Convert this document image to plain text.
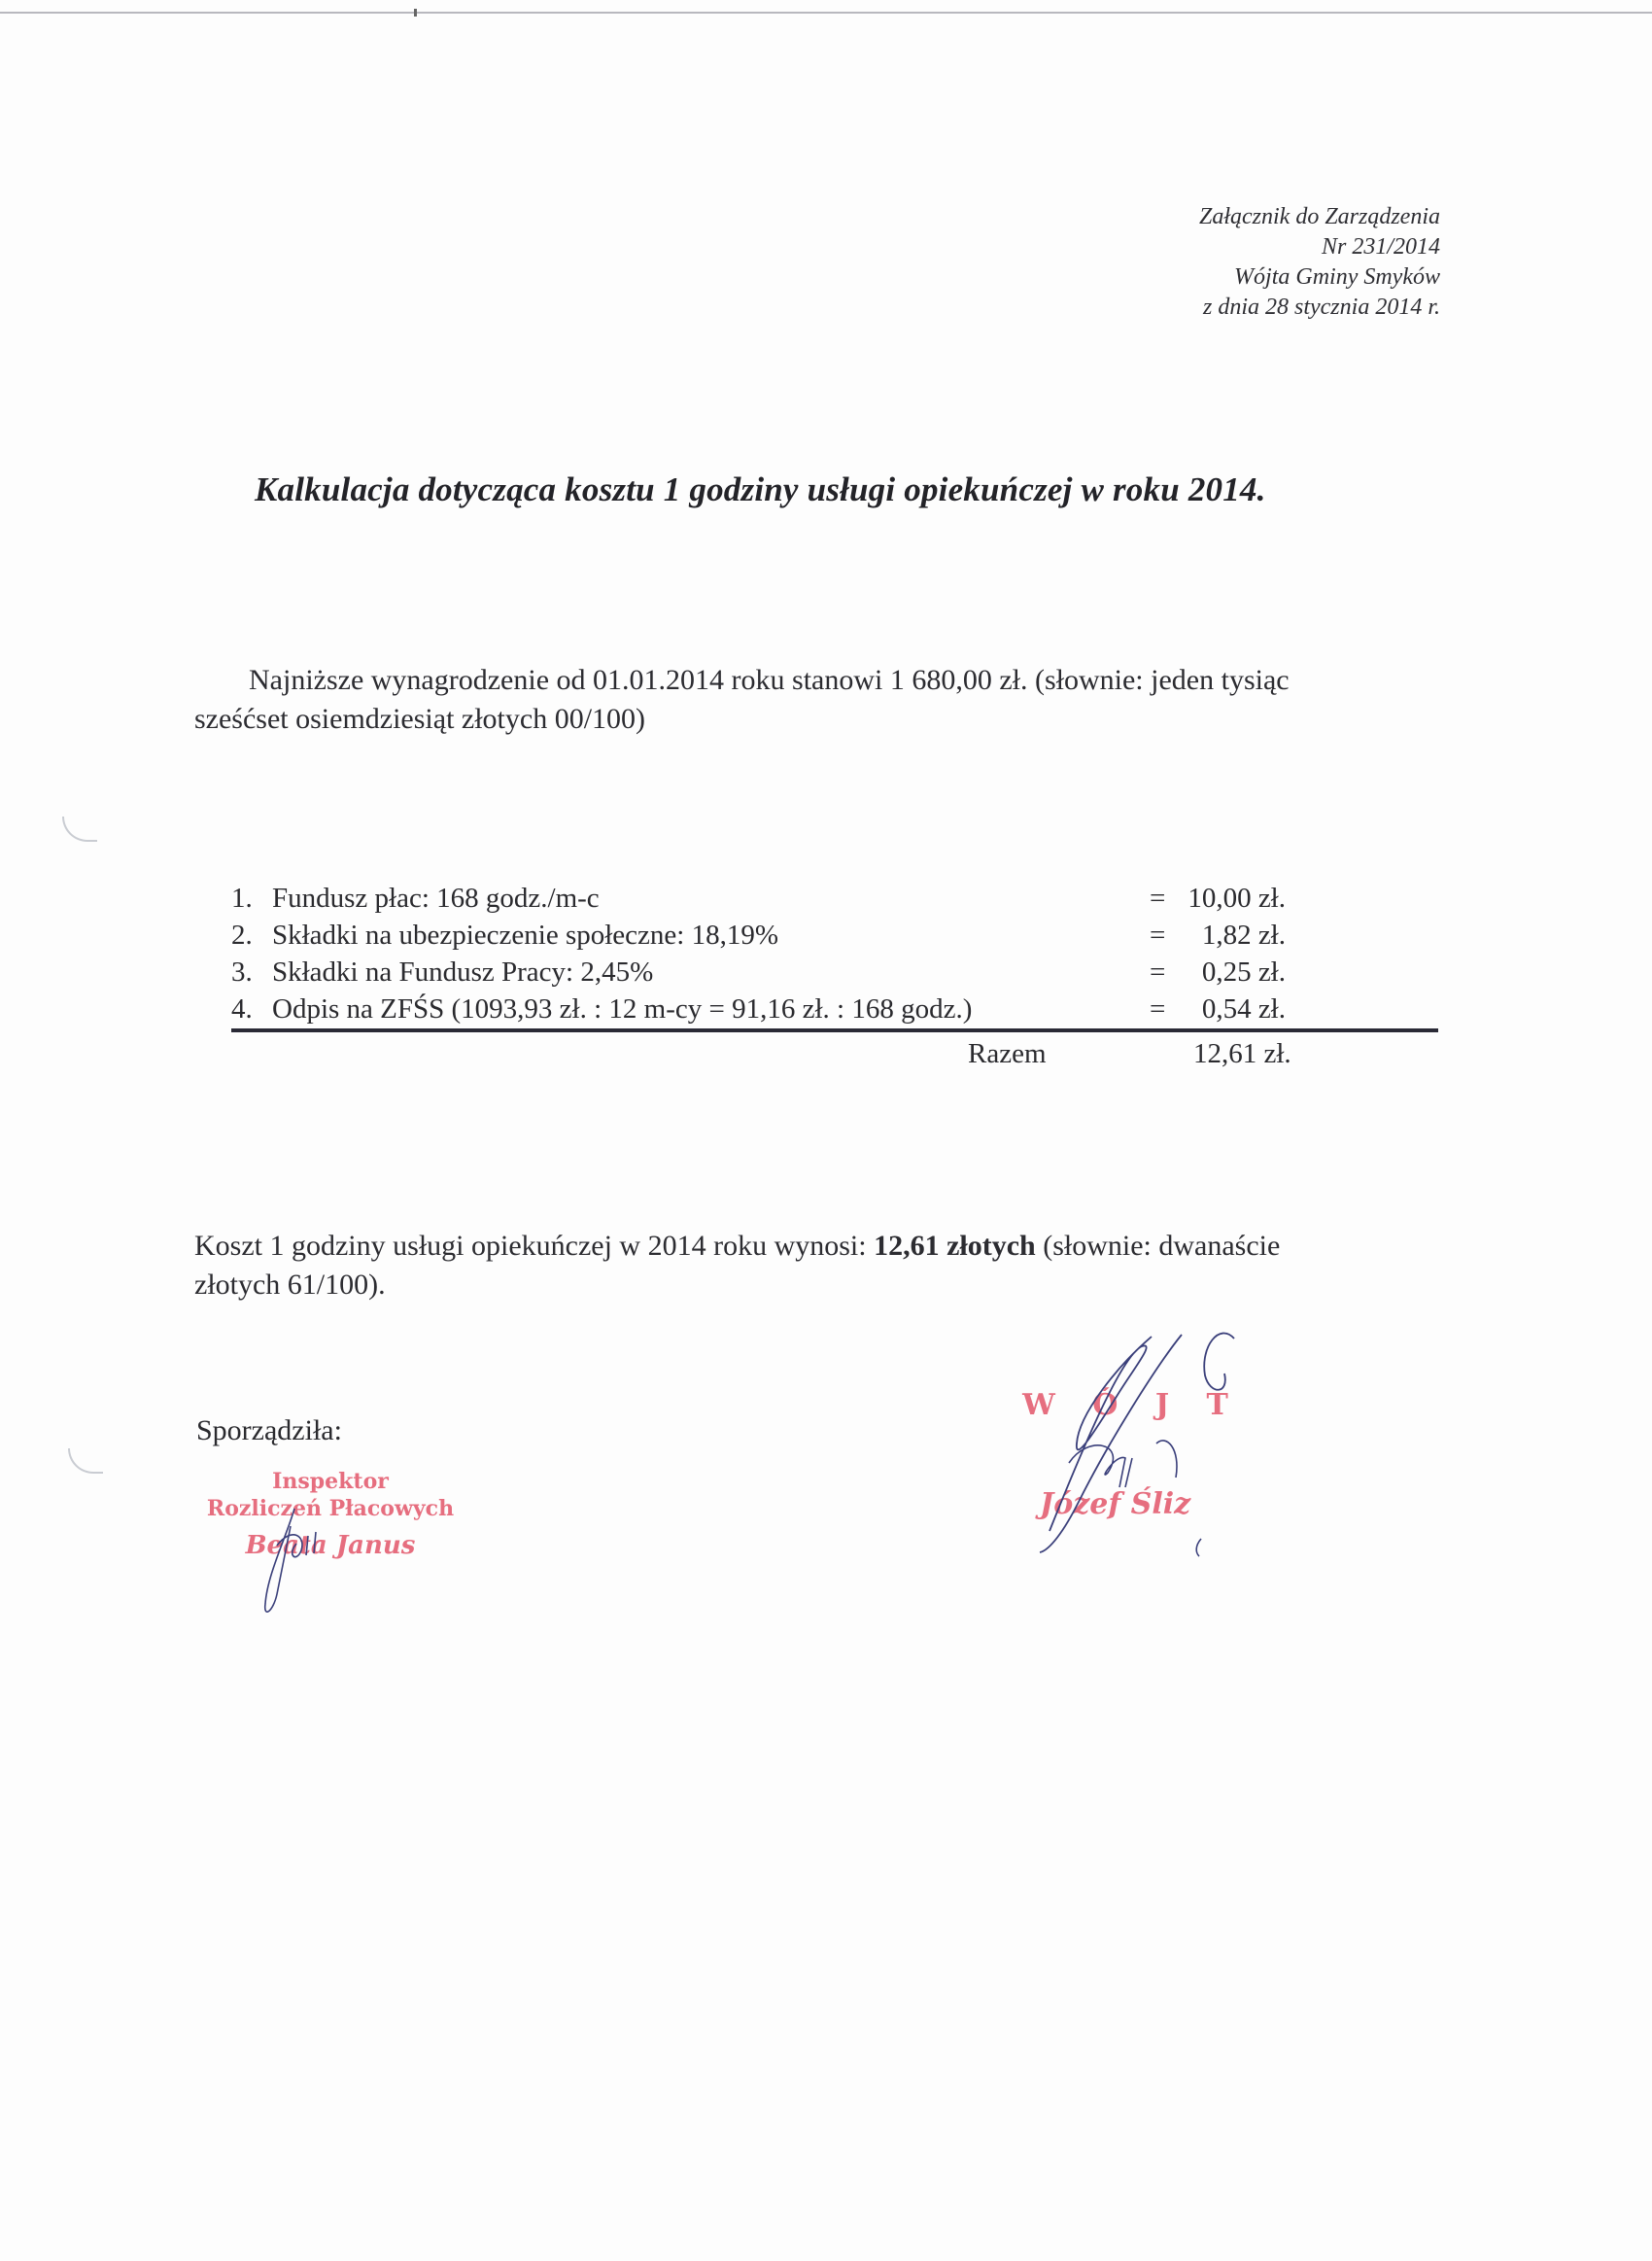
Załącznik do Zarządzenia
Nr 231/2014
Wójta Gminy Smyków
z dnia 28 stycznia 2014 r.
Kalkulacja dotycząca kosztu 1 godziny usługi opiekuńczej w roku 2014.
Najniższe wynagrodzenie od 01.01.2014 roku stanowi 1 680,00 zł. (słownie: jeden tysiąc
sześćset osiemdziesiąt złotych 00/100)
1. Fundusz płac: 168 godz./m-c	= 10,00 zł.
2. Składki na ubezpieczenie społeczne: 18,19%	= 1,82 zł.
3. Składki na Fundusz Pracy: 2,45%	= 0,25 zł.
4. Odpis na ZFŚS (1093,93 zł. : 12 m-cy = 91,16 zł. : 168 godz.)	= 0,54 zł.
Razem	12,61 zł.
Koszt 1 godziny usługi opiekuńczej w 2014 roku wynosi: 12,61 złotych (słownie: dwanaście
złotych 61/100).
Sporządziła:
Inspektor
Rozliczeń Płacowych
Beata Janus
W Ó J T
Józef Śliz
